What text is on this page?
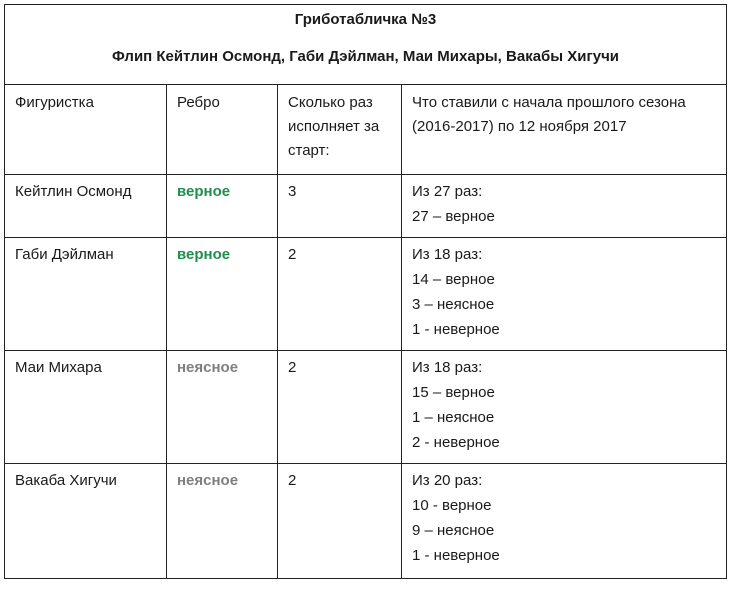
Гриботабличка №3
Флип Кейтлин Осмонд, Габи Дэйлман, Маи Михары, Вакабы Хигучи			

Фигуристка	Ребро	Сколько раз исполняет за старт:	Что ставили с начала прошлого сезона (2016-2017) по 12 ноября 2017

Кейтлин Осмонд	верное	3	Из 27 раз:
27 – верное

Габи Дэйлман	верное	2	Из 18 раз:
14 – верное
3 – неясное
1 - неверное

Маи Михара	неясное	2	Из 18 раз:
15 – верное
1 – неясное
2 - неверное

Вакаба Хигучи	неясное	2	Из 20 раз:
10 - верное
9 – неясное
1 - неверное
